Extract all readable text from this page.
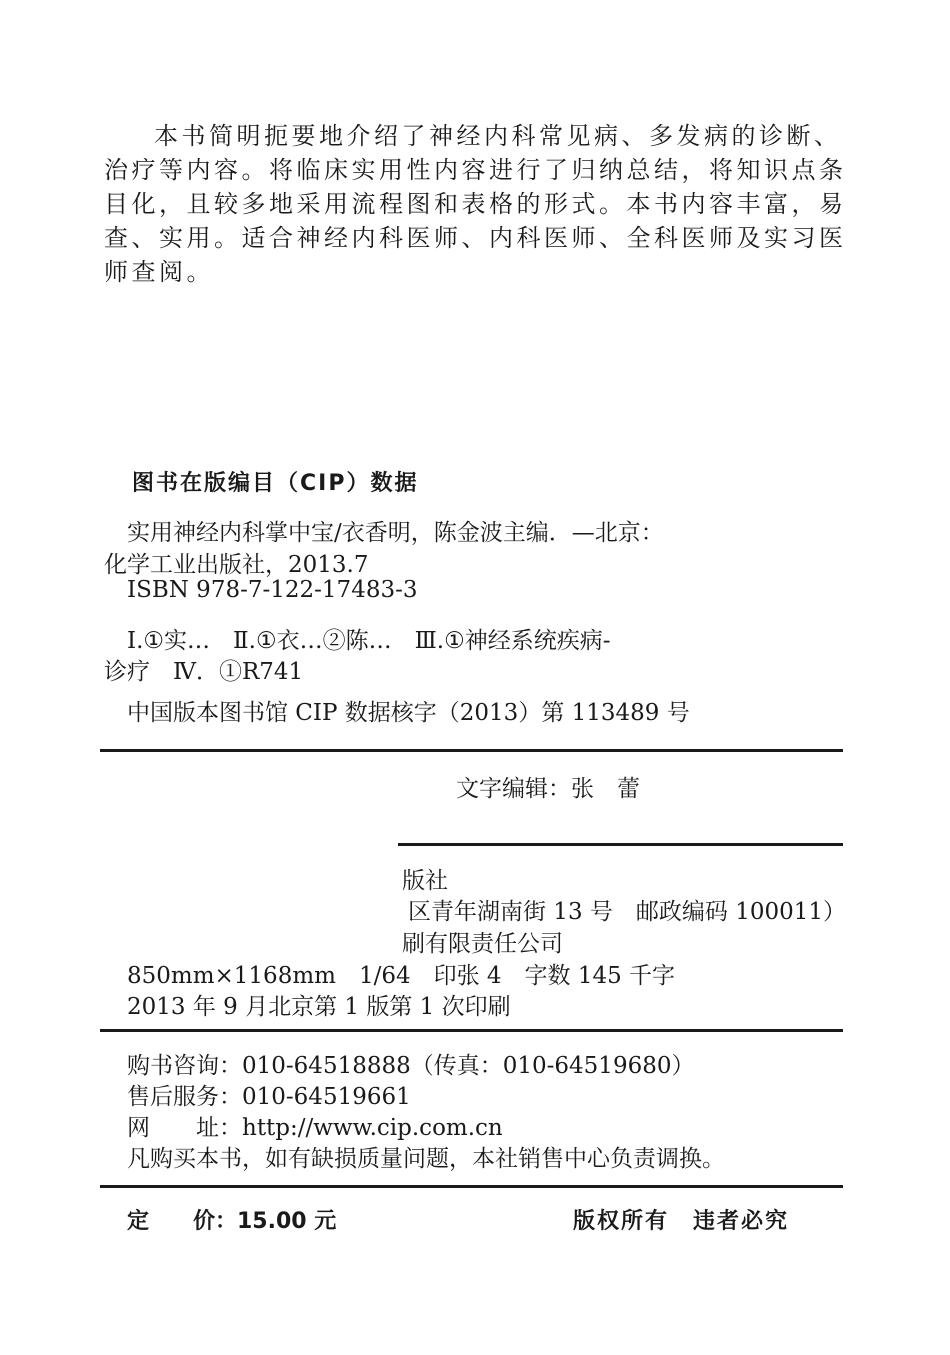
本书简明扼要地介绍了神经内科常见病、多发病的诊断、
治疗等内容。将临床实用性内容进行了归纳总结，将知识点条
目化，且较多地采用流程图和表格的形式。本书内容丰富，易
查、实用。适合神经内科医师、内科医师、全科医师及实习医
师查阅。
图书在版编目（CIP）数据
实用神经内科掌中宝/衣香明，陈金波主编．—北京：
化学工业出版社，2013.7
ISBN 978-7-122-17483-3
Ⅰ.①实…　Ⅱ.①衣…②陈…　Ⅲ.①神经系统疾病-
诊疗　Ⅳ．①R741
中国版本图书馆 CIP 数据核字（2013）第 113489 号
文字编辑：张　蕾
版社
区青年湖南街 13 号　邮政编码 100011）
刷有限责任公司
850mm×1168mm　1/64　印张 4　字数 145 千字
2013 年 9 月北京第 1 版第 1 次印刷
购书咨询：010-64518888（传真：010-64519680）
售后服务：010-64519661
网　　址：http://www.cip.com.cn
凡购买本书，如有缺损质量问题，本社销售中心负责调换。
定　　价：15.00 元	版权所有　违者必究
